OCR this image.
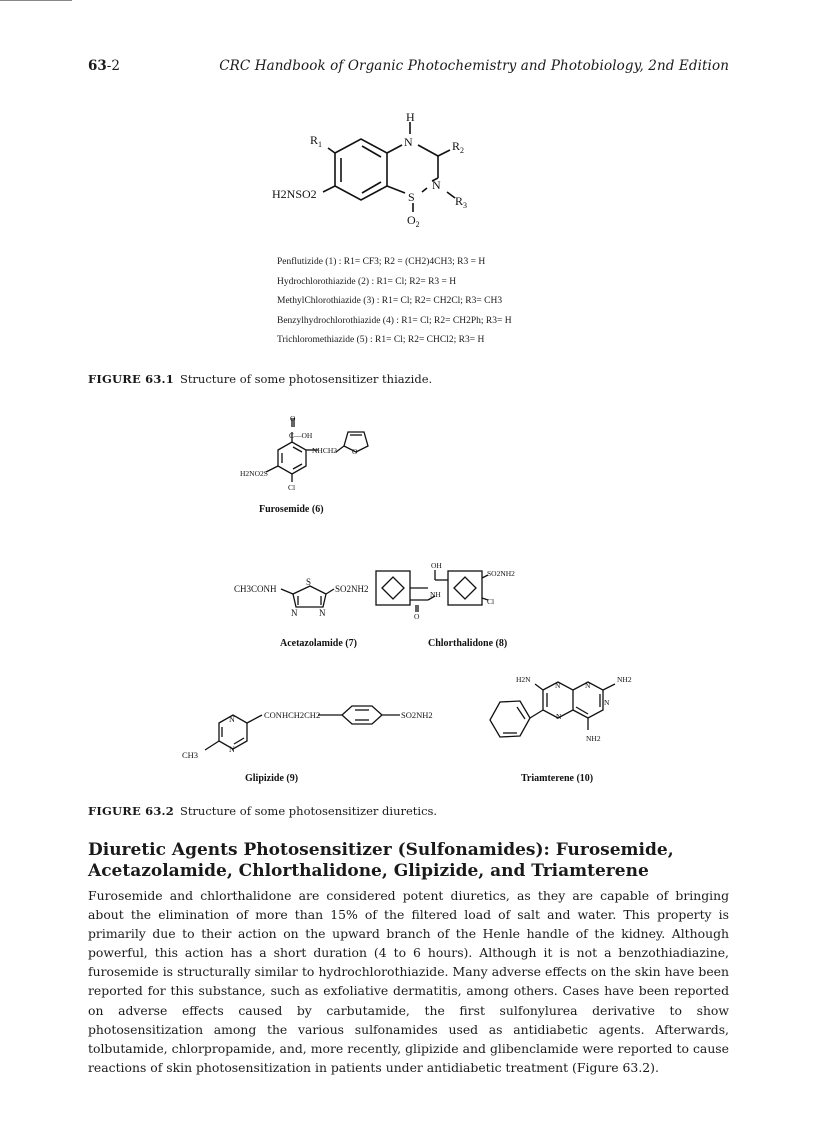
63-2	CRC Handbook of Organic Photochemistry and Photobiology, 2nd Edition
H
N
$R_1$	$R_2$
N
$R_3$
S
$O_2$
H2NSO2
Penflutizide (1) : R1= CF3; R2 = (CH2)4CH3; R3 = H
Hydrochlorothiazide (2) : R1= Cl; R2= R3 = H
MethylChlorothiazide (3) : R1= Cl; R2= CH2Cl; R3= CH3
Benzylhydrochlorothiazide (4) : R1= Cl; R2= CH2Ph; R3= H
Trichloromethiazide (5) : R1= Cl; R2= CHCl2; R3= H
FIGURE 63.1 Structure of some photosensitizer thiazide.
O
C—OH
NHCH2 O
H2NO2S
Cl
Furosemide (6)
CH3CONH
S
SO2NH2
N N
Acetazolamide (7)
OH
SO2NH2
NH
O
Cl
Chlorthalidone (8)
N
N
CONHCH2CH2	SO2NH2
CH3
Glipizide (9)
H2N	NH2
N	N
N
N
NH2
Triamterene (10)
FIGURE 63.2 Structure of some photosensitizer diuretics.
Diuretic Agents Photosensitizer (Sulfonamides): Furosemide, Acetazolamide, Chlorthalidone, Glipizide, and Triamterene

Furosemide and chlorthalidone are considered potent diuretics, as they are capable of bringing about the elimination of more than 15% of the filtered load of salt and water. This property is primarily due to their action on the upward branch of the Henle handle of the kidney. Although powerful, this action has a short duration (4 to 6 hours). Although it is not a benzothiadiazine, furosemide is structurally similar to hydrochlorothiazide. Many adverse effects on the skin have been reported for this substance, such as exfoliative dermatitis, among others. Cases have been reported on adverse effects caused by carbutamide, the first sulfonylurea derivative to show photosensitization among the various sulfonamides used as antidiabetic agents. Afterwards, tolbutamide, chlorpropamide, and, more recently, glipizide and glibenclamide were reported to cause reactions of skin photosensitization in patients under antidiabetic treatment (Figure 63.2).
